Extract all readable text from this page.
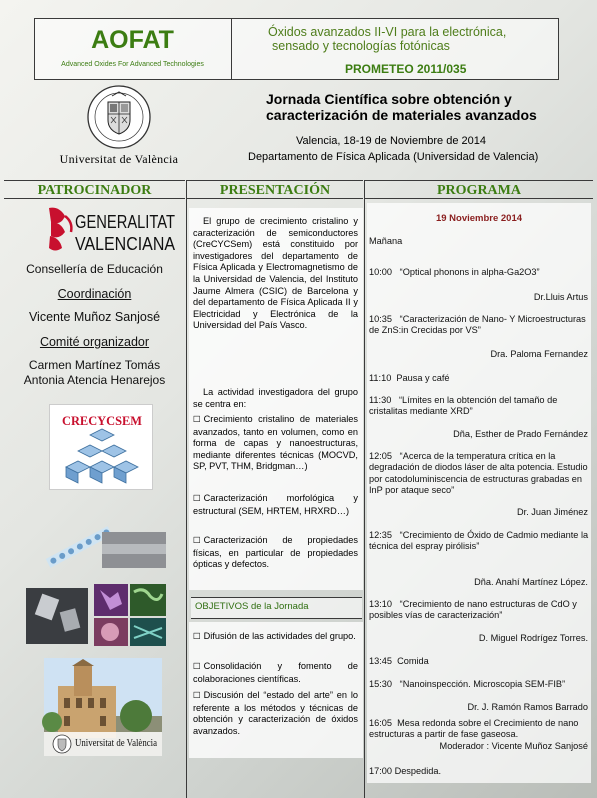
AOFAT
Advanced Oxides For Advanced Technologies
Óxidos avanzados II-VI para la electrónica,
sensado y tecnologías fotónicas
PROMETEO 2011/035
Universitat de València
Jornada Científica sobre obtención y
caracterización de materiales avanzados
Valencia, 18-19 de Noviembre de 2014
Departamento de Física Aplicada (Universidad de Valencia)
PATROCINADOR	PRESENTACIÓN	PROGRAMA
GENERALITAT
VALENCIANA
Consellería de Educación
Coordinación
Vicente Muñoz Sanjosé
Comité organizador
Carmen Martínez Tomás
Antonia Atencia Henarejos
CRECYCSEM
Universitat de València
El grupo de crecimiento cristalino y caracterización de semiconductores (CreCYCSem) está constituido por investigadores del departamento de Física Aplicada y Electromagnetismo de la Universidad de Valencia, del Instituto Jaume Almera (CSIC) de Barcelona y del departamento de Física Aplicada II y Electricidad y Electrónica de la Universidad del País Vasco.
La actividad investigadora del grupo se centra en:
☐ Crecimiento cristalino de materiales avanzados, tanto en volumen, como en forma de capas y nanoestructuras, mediante diferentes técnicas (MOCVD, SP, PVT, THM, Bridgman…)
☐ Caracterización morfológica y estructural (SEM, HRTEM, HRXRD…)
☐ Caracterización de propiedades físicas, en particular de propiedades ópticas y defectos.
OBJETIVOS de la Jornada
☐ Difusión de las actividades del grupo.
☐ Consolidación y fomento de colaboraciones científicas.
☐ Discusión del “estado del arte” en lo referente a los métodos y técnicas de obtención y caracterización de óxidos avanzados.
19 Noviembre 2014
Mañana
10:00 “Optical phonons in alpha-Ga2O3”
Dr.Lluis Artus
10:35 “Caracterización de Nano- Y Microestructuras de ZnS:in Crecidas por VS”
Dra. Paloma Fernandez
11:10 Pausa y café
11:30 “Límites en la obtención del tamaño de cristalitas mediante XRD”
Dña, Esther de Prado Fernández
12:05 “Acerca de la temperatura crítica en la degradación de diodos láser de alta potencia. Estudio por catodoluminiscencia de estructuras grabadas en InP por ataque seco”
Dr. Juan Jiménez
12:35 “Crecimiento de Óxido de Cadmio mediante la técnica del espray pirólisis”
Dña. Anahí Martínez López.
13:10 “Crecimiento de nano estructuras de CdO y posibles vías de caracterización”
D. Miguel Rodrígez Torres.
13:45 Comida
15:30 “Nanoinspección. Microscopia SEM-FIB”
Dr. J. Ramón Ramos Barrado
16:05 Mesa redonda sobre el Crecimiento de nano estructuras a partir de fase gaseosa.
Moderador : Vicente Muñoz Sanjosé
17:00 Despedida.
